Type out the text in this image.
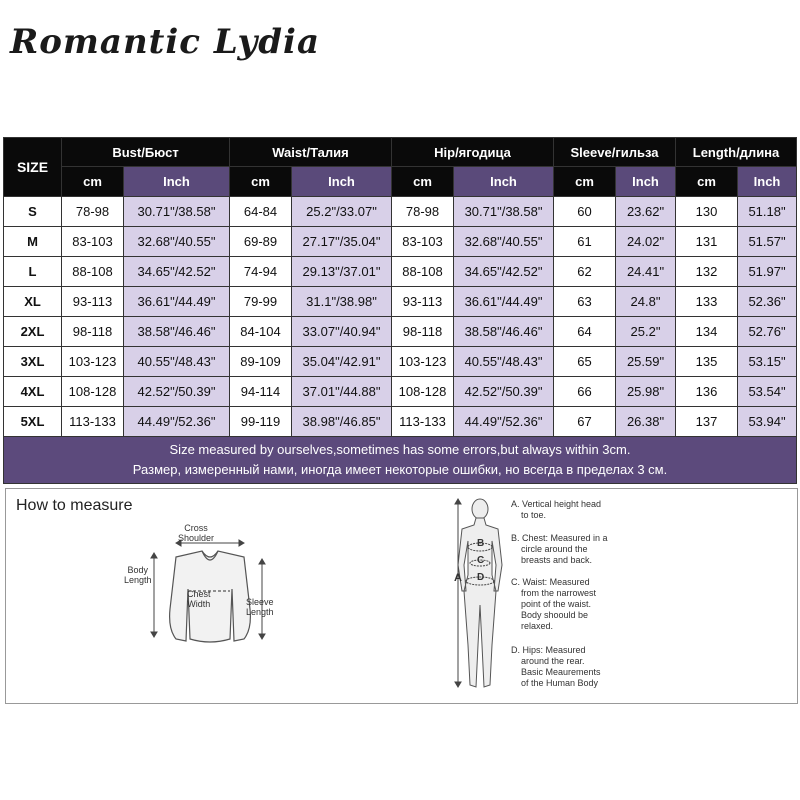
Romantic Lydia
SIZE	Bust/Бюст		Waist/Талия		Hip/ягодица		Sleeve/гильза		Length/длина	
	cm	Inch	cm	Inch	cm	Inch	cm	Inch	cm	Inch
S	78-98	30.71"/38.58"	64-84	25.2"/33.07"	78-98	30.71"/38.58"	60	23.62"	130	51.18"
M	83-103	32.68"/40.55"	69-89	27.17"/35.04"	83-103	32.68"/40.55"	61	24.02"	131	51.57"
L	88-108	34.65"/42.52"	74-94	29.13"/37.01"	88-108	34.65"/42.52"	62	24.41"	132	51.97"
XL	93-113	36.61"/44.49"	79-99	31.1"/38.98"	93-113	36.61"/44.49"	63	24.8"	133	52.36"
2XL	98-118	38.58"/46.46"	84-104	33.07"/40.94"	98-118	38.58"/46.46"	64	25.2"	134	52.76"
3XL	103-123	40.55"/48.43"	89-109	35.04"/42.91"	103-123	40.55"/48.43"	65	25.59"	135	53.15"
4XL	108-128	42.52"/50.39"	94-114	37.01"/44.88"	108-128	42.52"/50.39"	66	25.98"	136	53.54"
5XL	113-133	44.49"/52.36"	99-119	38.98"/46.85"	113-133	44.49"/52.36"	67	26.38"	137	53.94"

Size measured by ourselves,sometimes has some errors,but always within 3cm.
Размер, измеренный нами, иногда имеет некоторые ошибки, но всегда в пределах 3 см.										
How to measure
Cross
Shoulder
Body
Length
Chest
Width	Sleeve
Length
A
B
C
D
A. Vertical height head
to toe.
B. Chest: Measured in a
circle around the
breasts and back.
C. Waist: Measured
from the narrowest
point of the waist.
Body shoould be
relaxed.
D. Hips: Measured
around the rear.
Basic Meaurements
of the Human Body
